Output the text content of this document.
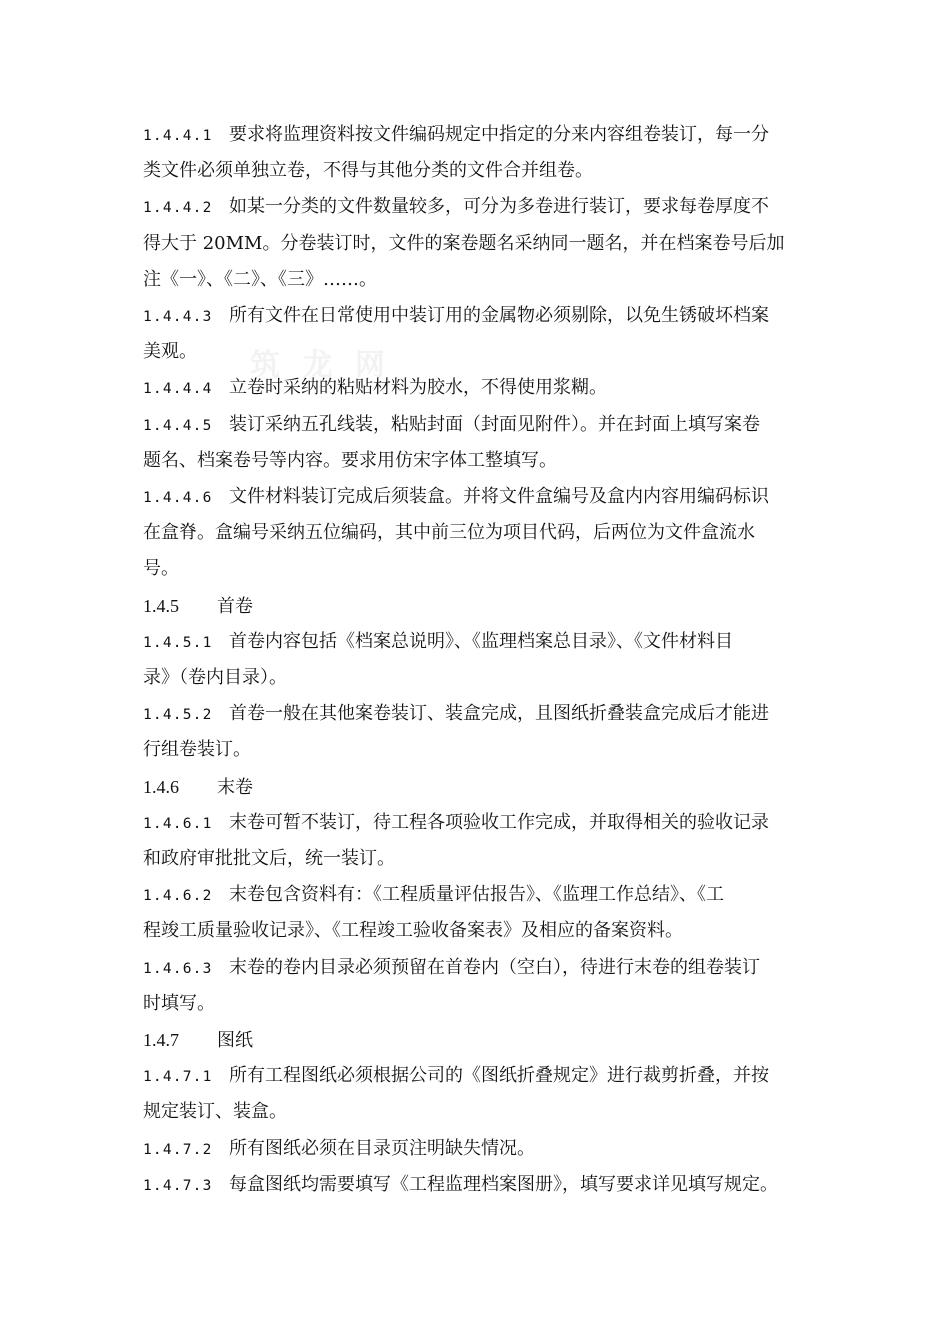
筑 龙 网
1.4.4.1 要求将监理资料按文件编码规定中指定的分来内容组卷装订，每一分
类文件必须单独立卷，不得与其他分类的文件合并组卷。
1.4.4.2 如某一分类的文件数量较多，可分为多卷进行装订，要求每卷厚度不
得大于 20MM。分卷装订时，文件的案卷题名采纳同一题名，并在档案卷号后加
注《一》、《二》、《三》……。
1.4.4.3 所有文件在日常使用中装订用的金属物必须剔除，以免生锈破坏档案
美观。
1.4.4.4 立卷时采纳的粘贴材料为胶水，不得使用浆糊。
1.4.4.5 装订采纳五孔线装，粘贴封面（封面见附件）。并在封面上填写案卷
题名、档案卷号等内容。要求用仿宋字体工整填写。
1.4.4.6 文件材料装订完成后须装盒。并将文件盒编号及盒内内容用编码标识
在盒脊。盒编号采纳五位编码，其中前三位为项目代码，后两位为文件盒流水
号。
1.4.5 首卷
1.4.5.1 首卷内容包括《档案总说明》、《监理档案总目录》、《文件材料目
录》（卷内目录）。
1.4.5.2 首卷一般在其他案卷装订、装盒完成，且图纸折叠装盒完成后才能进
行组卷装订。
1.4.6 末卷
1.4.6.1 末卷可暂不装订，待工程各项验收工作完成，并取得相关的验收记录
和政府审批批文后，统一装订。
1.4.6.2 末卷包含资料有：《工程质量评估报告》、《监理工作总结》、《工
程竣工质量验收记录》、《工程竣工验收备案表》及相应的备案资料。
1.4.6.3 末卷的卷内目录必须预留在首卷内（空白），待进行末卷的组卷装订
时填写。
1.4.7 图纸
1.4.7.1 所有工程图纸必须根据公司的《图纸折叠规定》进行裁剪折叠，并按
规定装订、装盒。
1.4.7.2 所有图纸必须在目录页注明缺失情况。
1.4.7.3 每盒图纸均需要填写《工程监理档案图册》，填写要求详见填写规定。
